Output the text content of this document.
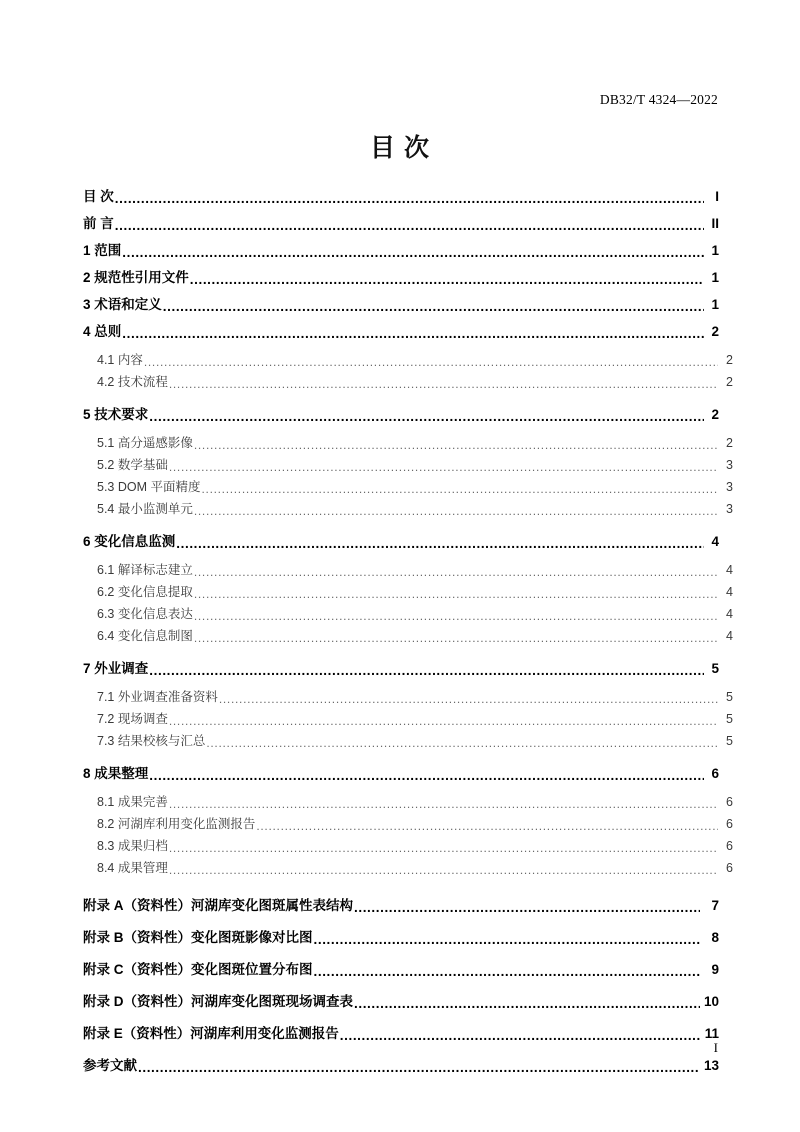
DB32/T 4324—2022
目 次
目 次 .....	I
前 言 .....	II
1 范围 .....	1
2 规范性引用文件 .....	1
3 术语和定义 .....	1
4 总则 .....	2
4.1 内容 .....	2
4.2 技术流程 .....	2
5 技术要求 .....	2
5.1 高分遥感影像 .....	2
5.2 数学基础 .....	3
5.3 DOM 平面精度 .....	3
5.4 最小监测单元 .....	3
6 变化信息监测 .....	4
6.1 解译标志建立 .....	4
6.2 变化信息提取 .....	4
6.3 变化信息表达 .....	4
6.4 变化信息制图 .....	4
7 外业调查 .....	5
7.1 外业调查准备资料 .....	5
7.2 现场调查 .....	5
7.3 结果校核与汇总 .....	5
8 成果整理 .....	6
8.1 成果完善 .....	6
8.2 河湖库利用变化监测报告 .....	6
8.3 成果归档 .....	6
8.4 成果管理 .....	6
附录 A（资料性）河湖库变化图斑属性表结构 .....	7
附录 B（资料性）变化图斑影像对比图 .....	8
附录 C（资料性）变化图斑位置分布图 .....	9
附录 D（资料性）河湖库变化图斑现场调查表 .....	10
附录 E（资料性）河湖库利用变化监测报告 .....	11
参考文献 .....	13
I
